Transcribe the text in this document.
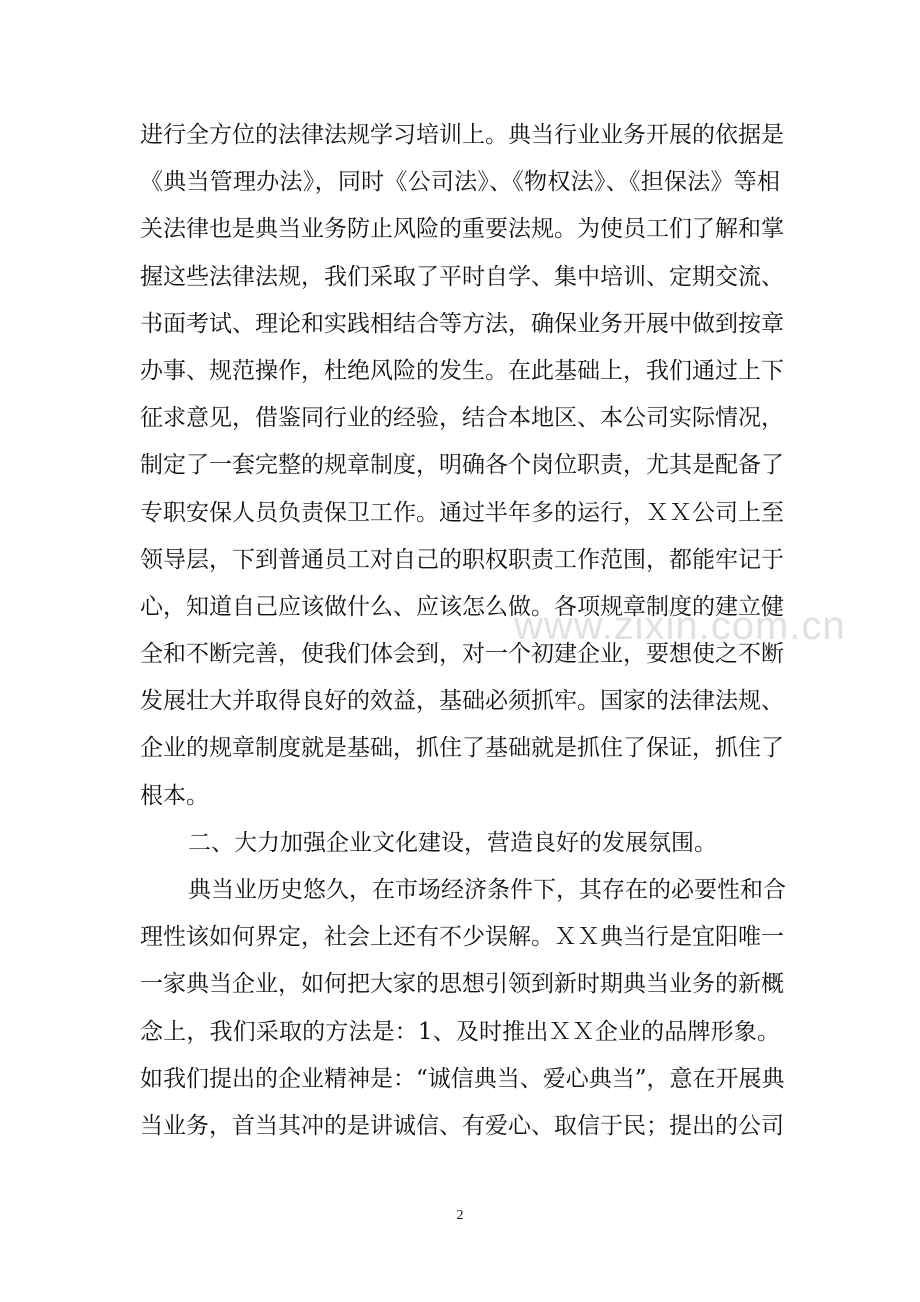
进行全方位的法律法规学习培训上。典当行业业务开展的依据是
《典当管理办法》，同时《公司法》、《物权法》、《担保法》等相
关法律也是典当业务防止风险的重要法规。为使员工们了解和掌
握这些法律法规，我们采取了平时自学、集中培训、定期交流、
书面考试、理论和实践相结合等方法，确保业务开展中做到按章
办事、规范操作，杜绝风险的发生。在此基础上，我们通过上下
征求意见，借鉴同行业的经验，结合本地区、本公司实际情况，
制定了一套完整的规章制度，明确各个岗位职责，尤其是配备了
专职安保人员负责保卫工作。通过半年多的运行，ＸＸ公司上至
领导层，下到普通员工对自己的职权职责工作范围，都能牢记于
心，知道自己应该做什么、应该怎么做。各项规章制度的建立健
全和不断完善，使我们体会到，对一个初建企业，要想使之不断
发展壮大并取得良好的效益，基础必须抓牢。国家的法律法规、
企业的规章制度就是基础，抓住了基础就是抓住了保证，抓住了
根本。
二、大力加强企业文化建设，营造良好的发展氛围。
典当业历史悠久，在市场经济条件下，其存在的必要性和合
理性该如何界定，社会上还有不少误解。ＸＸ典当行是宜阳唯一
一家典当企业，如何把大家的思想引领到新时期典当业务的新概
念上，我们采取的方法是：1、及时推出ＸＸ企业的品牌形象。
如我们提出的企业精神是：“诚信典当、爱心典当”，意在开展典
当业务，首当其冲的是讲诚信、有爱心、取信于民；提出的公司
www.zixin.com.cn
2
